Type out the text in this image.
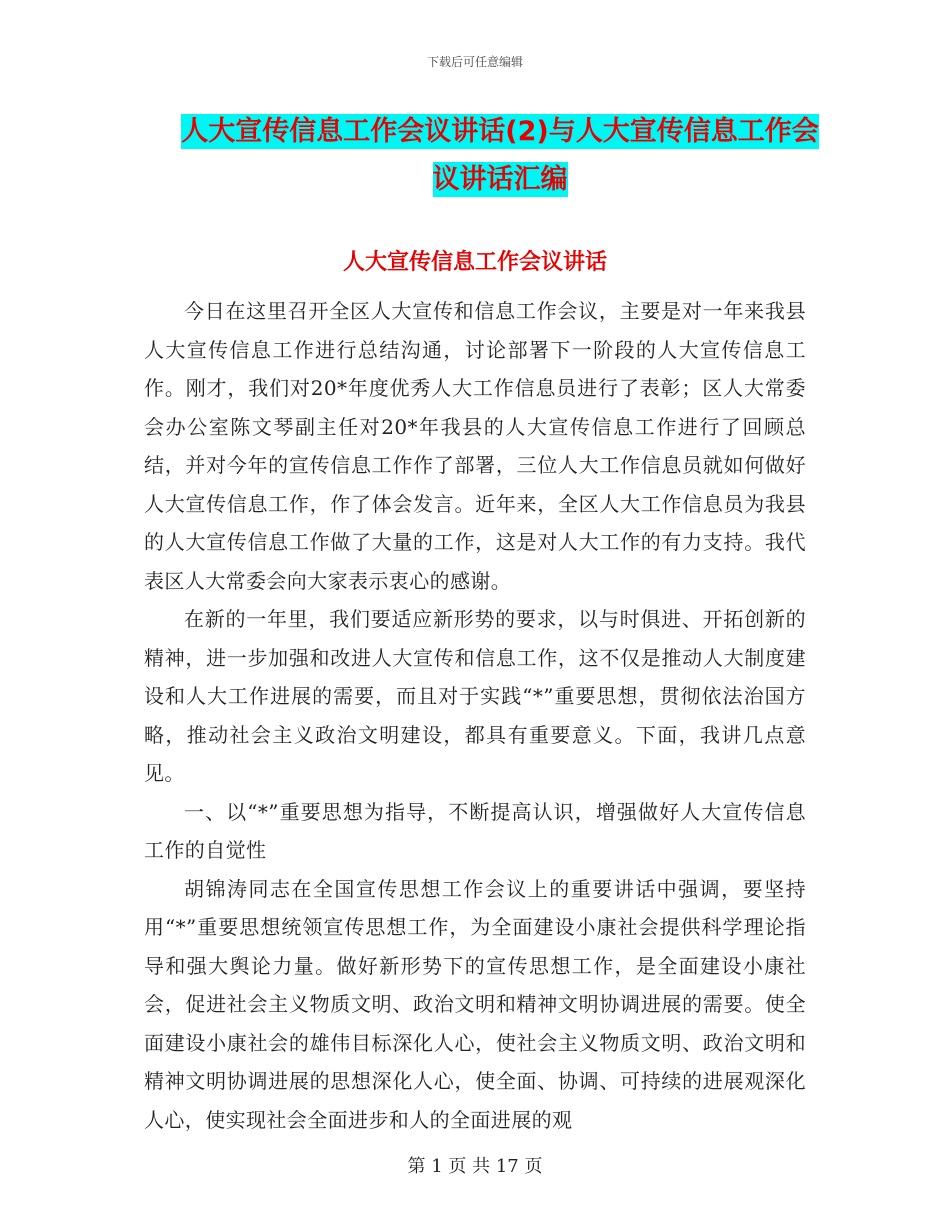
下载后可任意编辑
人大宣传信息工作会议讲话(2)与人大宣传信息工作会
议讲话汇编
人大宣传信息工作会议讲话

今日在这里召开全区人大宣传和信息工作会议，主要是对一年来我县人大宣传信息工作进行总结沟通，讨论部署下一阶段的人大宣传信息工作。刚才，我们对20*年度优秀人大工作信息员进行了表彰；区人大常委会办公室陈文琴副主任对20*年我县的人大宣传信息工作进行了回顾总结，并对今年的宣传信息工作作了部署，三位人大工作信息员就如何做好人大宣传信息工作，作了体会发言。近年来，全区人大工作信息员为我县的人大宣传信息工作做了大量的工作，这是对人大工作的有力支持。我代表区人大常委会向大家表示衷心的感谢。

在新的一年里，我们要适应新形势的要求，以与时俱进、开拓创新的精神，进一步加强和改进人大宣传和信息工作，这不仅是推动人大制度建设和人大工作进展的需要，而且对于实践“*”重要思想，贯彻依法治国方略，推动社会主义政治文明建设，都具有重要意义。下面，我讲几点意见。

一、以“*”重要思想为指导，不断提高认识，增强做好人大宣传信息工作的自觉性

胡锦涛同志在全国宣传思想工作会议上的重要讲话中强调，要坚持用“*”重要思想统领宣传思想工作，为全面建设小康社会提供科学理论指导和强大舆论力量。做好新形势下的宣传思想工作，是全面建设小康社会，促进社会主义物质文明、政治文明和精神文明协调进展的需要。使全面建设小康社会的雄伟目标深化人心，使社会主义物质文明、政治文明和精神文明协调进展的思想深化人心，使全面、协调、可持续的进展观深化人心，使实现社会全面进步和人的全面进展的观

第 1 页 共 17 页
